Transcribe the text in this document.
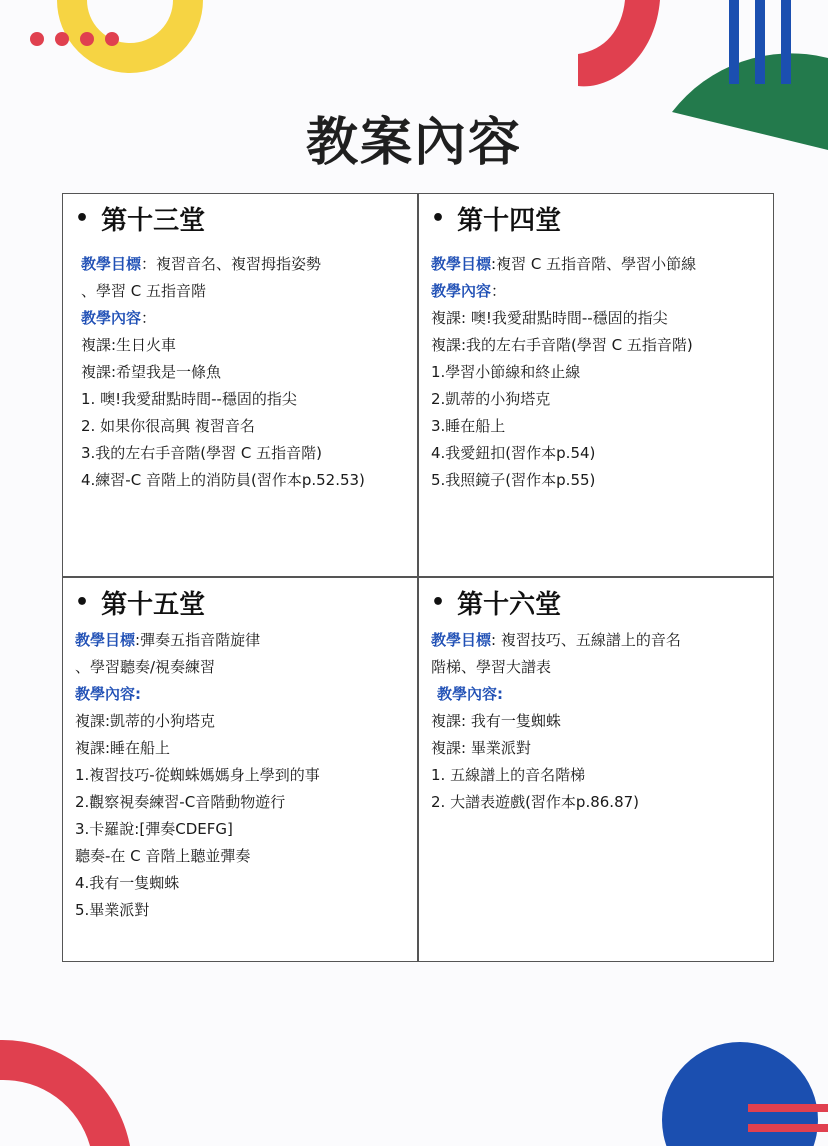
教案內容
• 第十三堂
教學目標：複習音名、複習拇指姿勢
、學習 C 五指音階
教學內容：
複課:生日火車
複課:希望我是一條魚
1. 噢!我愛甜點時間--穩固的指尖
2. 如果你很高興 複習音名
3.我的左右手音階(學習 C 五指音階)
4.練習-C 音階上的消防員(習作本p.52.53)
• 第十四堂
教學目標:複習 C 五指音階、學習小節線
教學內容：
複課: 噢!我愛甜點時間--穩固的指尖
複課:我的左右手音階(學習 C 五指音階)
1.學習小節線和終止線
2.凱蒂的小狗塔克
3.睡在船上
4.我愛鈕扣(習作本p.54)
5.我照鏡子(習作本p.55)
• 第十五堂
教學目標:彈奏五指音階旋律
、學習聽奏/視奏練習
教學內容:
複課:凱蒂的小狗塔克
複課:睡在船上
1.複習技巧-從蜘蛛媽媽身上學到的事
2.觀察視奏練習-C音階動物遊行
3.卡羅說:[彈奏CDEFG]
聽奏-在 C 音階上聽並彈奏
4.我有一隻蜘蛛
5.畢業派對
• 第十六堂
教學目標: 複習技巧、五線譜上的音名
階梯、學習大譜表
教學內容:
複課: 我有一隻蜘蛛
複課: 畢業派對
1. 五線譜上的音名階梯
2. 大譜表遊戲(習作本p.86.87)
